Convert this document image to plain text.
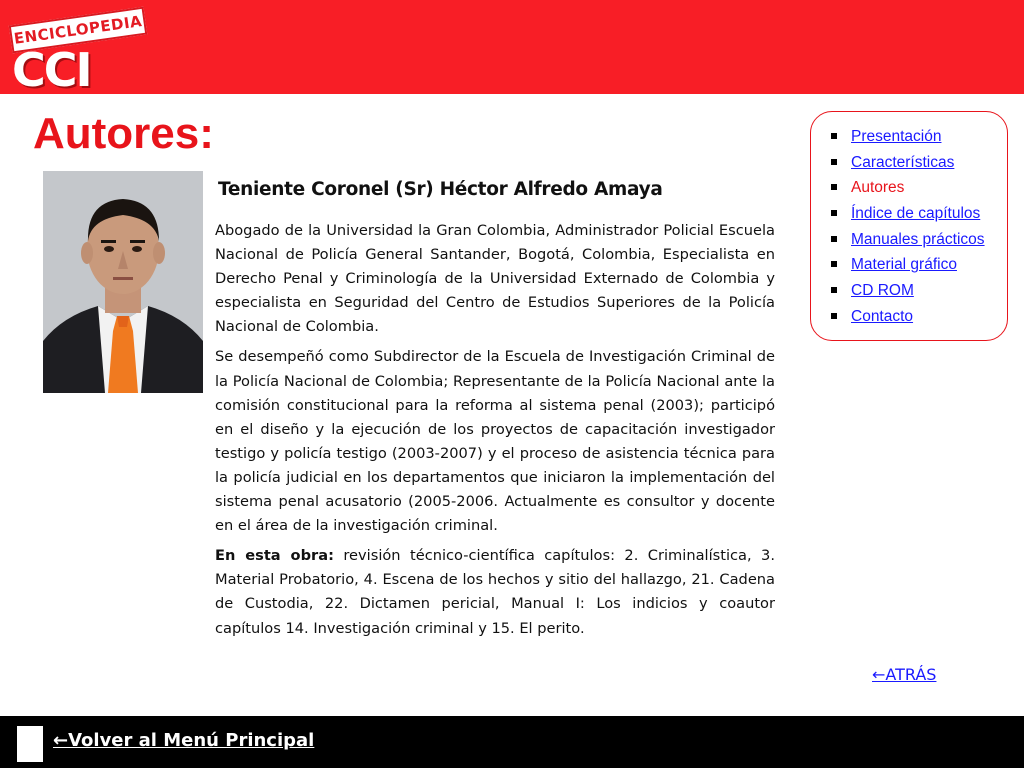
ENCICLOPEDIA
CCI
Autores:
Teniente Coronel (Sr) Héctor Alfredo Amaya

Abogado de la Universidad la Gran Colombia, Administrador Policial Escuela Nacional de Policía General Santander, Bogotá, Colombia, Especialista en Derecho Penal y Criminología de la Universidad Externado de Colombia y especialista en Seguridad del Centro de Estudios Superiores de la Policía Nacional de Colombia.

Se desempeñó como Subdirector de la Escuela de Investigación Criminal de la Policía Nacional de Colombia; Representante de la Policía Nacional ante la comisión constitucional para la reforma al sistema penal (2003); participó en el diseño y la ejecución de los proyectos de capacitación investigador testigo y policía testigo (2003-2007) y el proceso de asistencia técnica para la policía judicial en los departamentos que iniciaron la implementación del sistema penal acusatorio (2005-2006. Actualmente es consultor y docente en el área de la investigación criminal.

En esta obra: revisión técnico-científica capítulos: 2. Criminalística, 3. Material Probatorio, 4. Escena de los hechos y sitio del hallazgo, 21. Cadena de Custodia, 22. Dictamen pericial, Manual I: Los indicios y coautor capítulos 14. Investigación criminal y 15. El perito.

Presentación
Características
Autores
Índice de capítulos
Manuales prácticos
Material gráfico
CD ROM
Contacto
←ATRÁS
←Volver al Menú Principal
